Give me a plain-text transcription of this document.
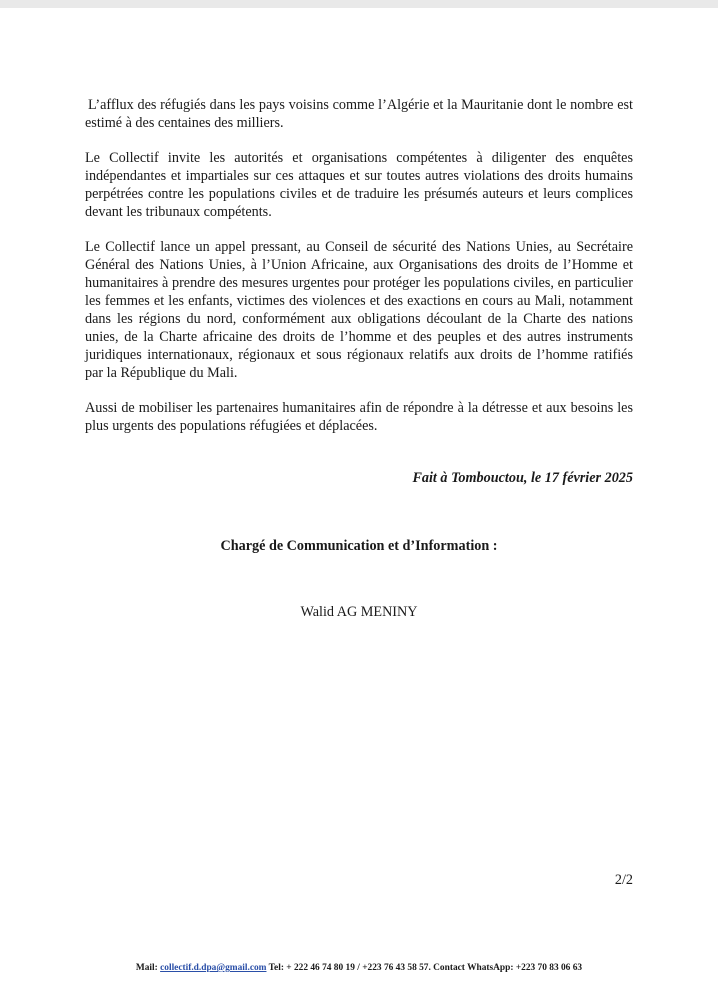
L’afflux des réfugiés dans les pays voisins comme l’Algérie et la Mauritanie dont le nombre est estimé à des centaines des milliers.

Le Collectif invite les autorités et organisations compétentes à diligenter des enquêtes indépendantes et impartiales sur ces attaques et sur toutes autres violations des droits humains perpétrées contre les populations civiles et de traduire les présumés auteurs et leurs complices devant les tribunaux compétents.

Le Collectif lance un appel pressant, au Conseil de sécurité des Nations Unies, au Secrétaire Général des Nations Unies, à l’Union Africaine, aux Organisations des droits de l’Homme et humanitaires à prendre des mesures urgentes pour protéger les populations civiles, en particulier les femmes et les enfants, victimes des violences et des exactions en cours au Mali, notamment dans les régions du nord, conformément aux obligations découlant de la Charte des nations unies, de la Charte africaine des droits de l’homme et des peuples et des autres instruments juridiques internationaux, régionaux et sous régionaux relatifs aux droits de l’homme ratifiés par la République du Mali.

Aussi de mobiliser les partenaires humanitaires afin de répondre à la détresse et aux besoins les plus urgents des populations réfugiées et déplacées.

Fait à Tombouctou, le 17 février 2025
Chargé de Communication et d’Information :
Walid AG MENINY
2/2
Mail: collectif.d.dpa@gmail.com Tel: + 222 46 74 80 19 / +223 76 43 58 57. Contact WhatsApp: +223 70 83 06 63
